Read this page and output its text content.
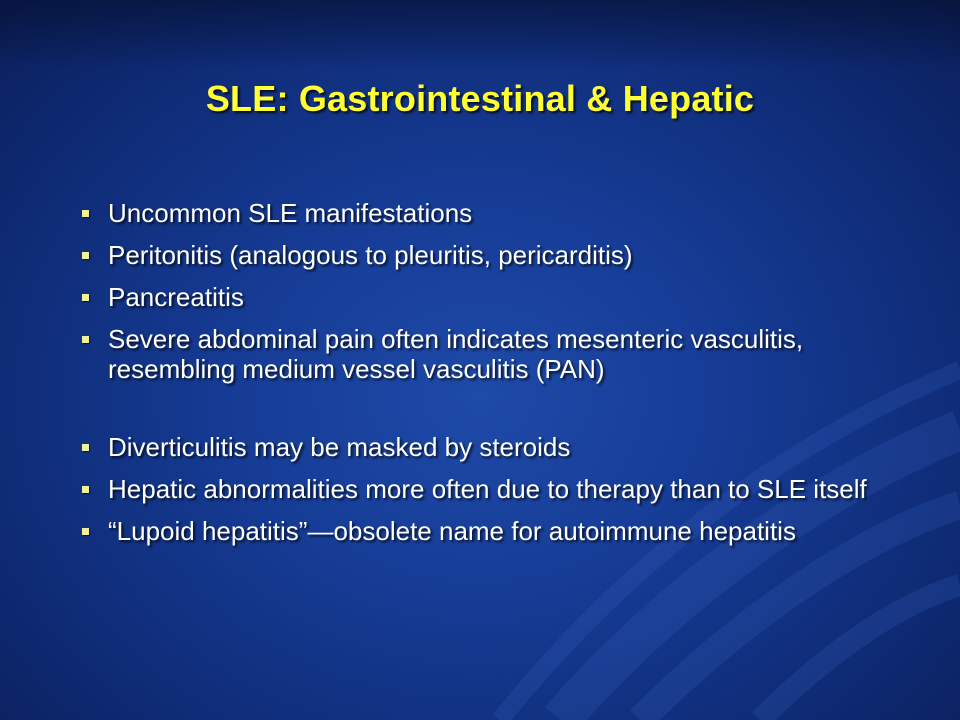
SLE: Gastrointestinal & Hepatic
Uncommon SLE manifestations
Peritonitis (analogous to pleuritis, pericarditis)
Pancreatitis
Severe abdominal pain often indicates mesenteric vasculitis, resembling medium vessel vasculitis (PAN)
Diverticulitis may be masked by steroids
Hepatic abnormalities more often due to therapy than to SLE itself
“Lupoid hepatitis”—obsolete name for autoimmune hepatitis
